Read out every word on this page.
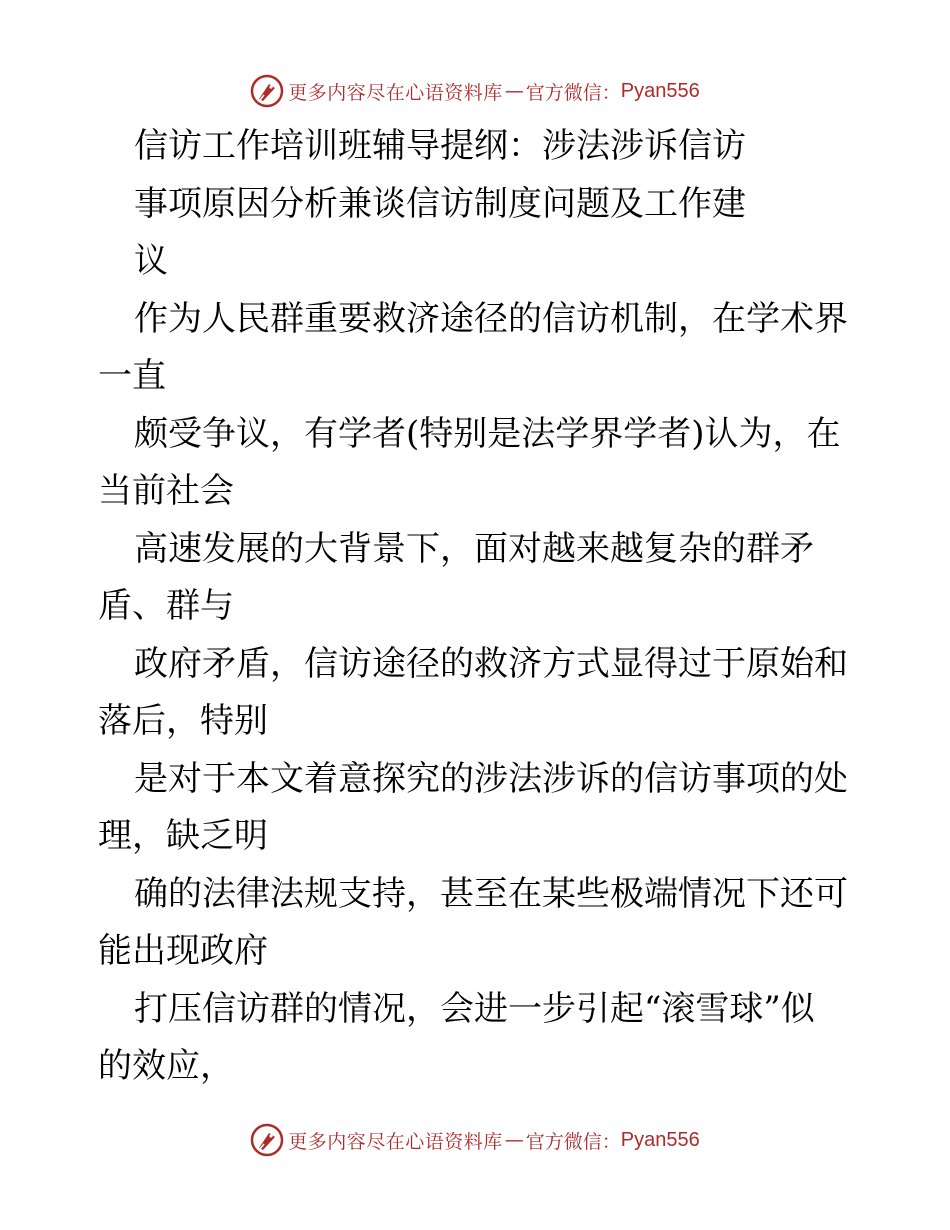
更多内容尽在心语资料库 — 官方微信： Pyan556
信访工作培训班辅导提纲：涉法涉诉信访
事项原因分析兼谈信访制度问题及工作建
议
作为人民群重要救济途径的信访机制，在学术界
一直
颇受争议，有学者(特别是法学界学者)认为，在
当前社会
高速发展的大背景下，面对越来越复杂的群矛
盾、群与
政府矛盾，信访途径的救济方式显得过于原始和
落后，特别
是对于本文着意探究的涉法涉诉的信访事项的处
理，缺乏明
确的法律法规支持，甚至在某些极端情况下还可
能出现政府
打压信访群的情况，会进一步引起“滚雪球”似
的效应，
更多内容尽在心语资料库 — 官方微信： Pyan556
